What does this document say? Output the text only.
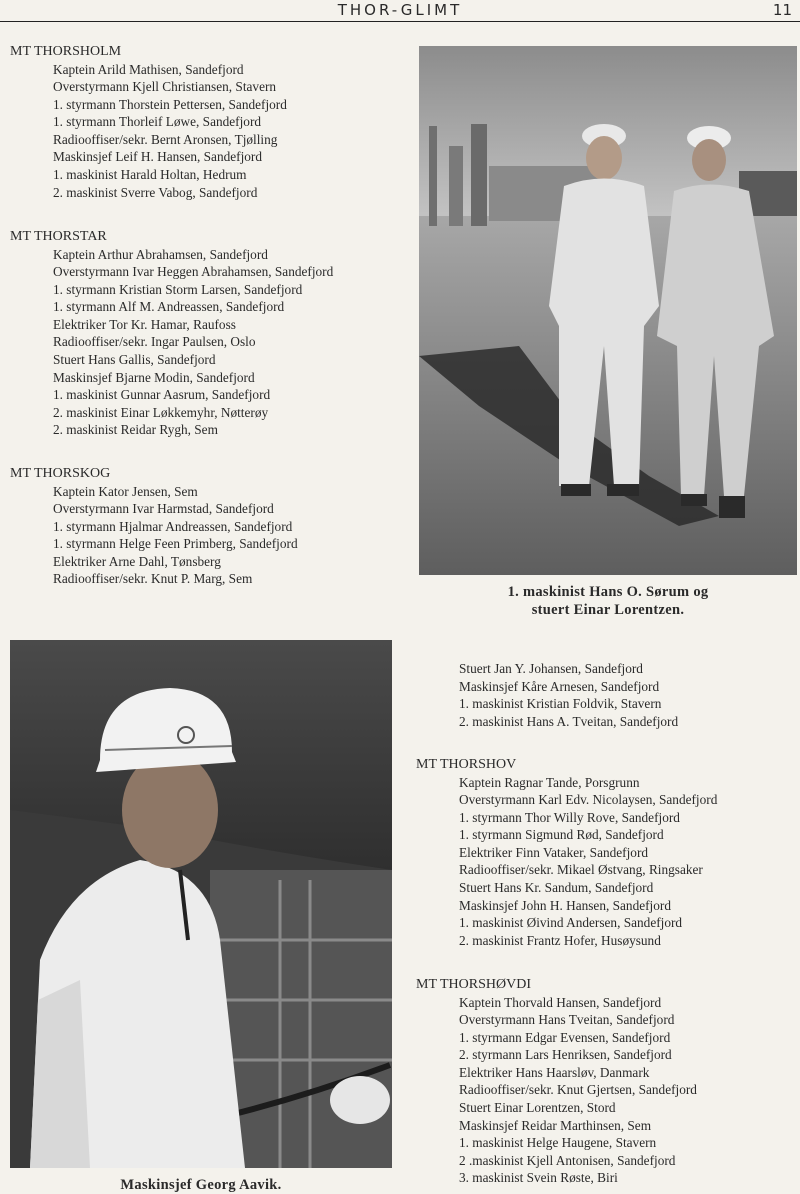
THOR-GLIMT	11

MT THORSHOLM

Kaptein Arild Mathisen, Sandefjord
Overstyrmann Kjell Christiansen, Stavern
1. styrmann Thorstein Pettersen, Sandefjord
1. styrmann Thorleif Løwe, Sandefjord
Radiooffiser/sekr. Bernt Aronsen, Tjølling
Maskinsjef Leif H. Hansen, Sandefjord
1. maskinist Harald Holtan, Hedrum
2. maskinist Sverre Vabog, Sandefjord

MT THORSTAR

Kaptein Arthur Abrahamsen, Sandefjord
Overstyrmann Ivar Heggen Abrahamsen, Sandefjord
1. styrmann Kristian Storm Larsen, Sandefjord
1. styrmann Alf M. Andreassen, Sandefjord
Elektriker Tor Kr. Hamar, Raufoss
Radiooffiser/sekr. Ingar Paulsen, Oslo
Stuert Hans Gallis, Sandefjord
Maskinsjef Bjarne Modin, Sandefjord
1. maskinist Gunnar Aasrum, Sandefjord
2. maskinist Einar Løkkemyhr, Nøtterøy
2. maskinist Reidar Rygh, Sem

MT THORSKOG

Kaptein Kator Jensen, Sem
Overstyrmann Ivar Harmstad, Sandefjord
1. styrmann Hjalmar Andreassen, Sandefjord
1. styrmann Helge Feen Primberg, Sandefjord
Elektriker Arne Dahl, Tønsberg
Radiooffiser/sekr. Knut P. Marg, Sem
1. maskinist Hans O. Sørum og
stuert Einar Lorentzen.
Maskinsjef Georg Aavik.
Stuert Jan Y. Johansen, Sandefjord
Maskinsjef Kåre Arnesen, Sandefjord
1. maskinist Kristian Foldvik, Stavern
2. maskinist Hans A. Tveitan, Sandefjord

MT THORSHOV

Kaptein Ragnar Tande, Porsgrunn
Overstyrmann Karl Edv. Nicolaysen, Sandefjord
1. styrmann Thor Willy Rove, Sandefjord
1. styrmann Sigmund Rød, Sandefjord
Elektriker Finn Vataker, Sandefjord
Radiooffiser/sekr. Mikael Østvang, Ringsaker
Stuert Hans Kr. Sandum, Sandefjord
Maskinsjef John H. Hansen, Sandefjord
1. maskinist Øivind Andersen, Sandefjord
2. maskinist Frantz Hofer, Husøysund

MT THORSHØVDI

Kaptein Thorvald Hansen, Sandefjord
Overstyrmann Hans Tveitan, Sandefjord
1. styrmann Edgar Evensen, Sandefjord
2. styrmann Lars Henriksen, Sandefjord
Elektriker Hans Haarsløv, Danmark
Radiooffiser/sekr. Knut Gjertsen, Sandefjord
Stuert Einar Lorentzen, Stord
Maskinsjef Reidar Marthinsen, Sem
1. maskinist Helge Haugene, Stavern
2 .maskinist Kjell Antonisen, Sandefjord
3. maskinist Svein Røste, Biri
